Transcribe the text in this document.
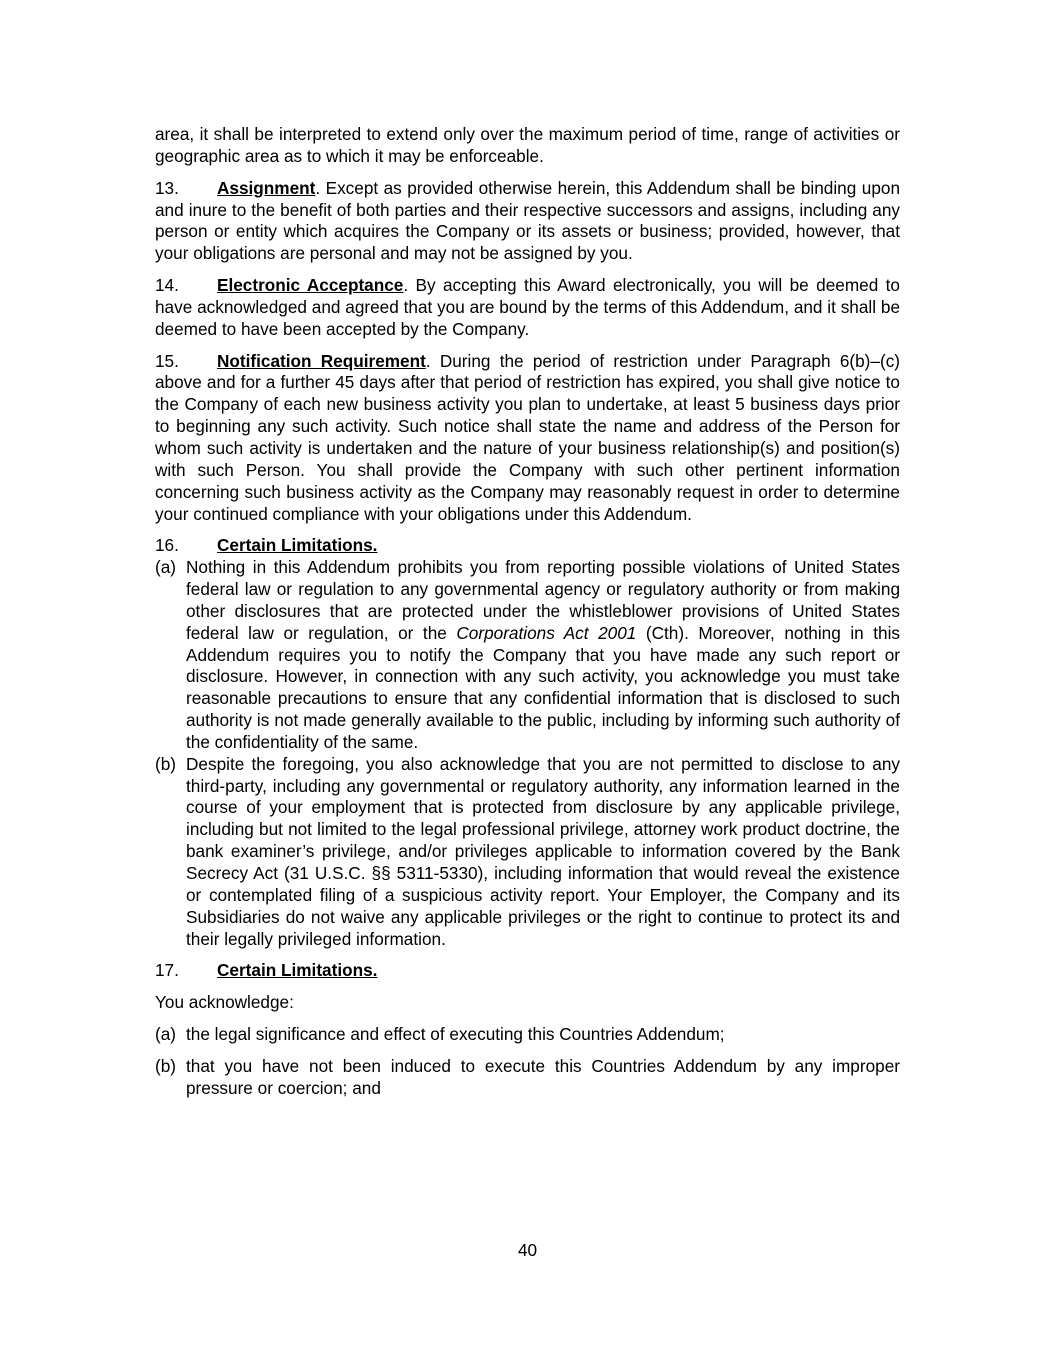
area, it shall be interpreted to extend only over the maximum period of time, range of activities or geographic area as to which it may be enforceable.

13. Assignment. Except as provided otherwise herein, this Addendum shall be binding upon and inure to the benefit of both parties and their respective successors and assigns, including any person or entity which acquires the Company or its assets or business; provided, however, that your obligations are personal and may not be assigned by you.

14. Electronic Acceptance. By accepting this Award electronically, you will be deemed to have acknowledged and agreed that you are bound by the terms of this Addendum, and it shall be deemed to have been accepted by the Company.

15. Notification Requirement. During the period of restriction under Paragraph 6(b)–(c) above and for a further 45 days after that period of restriction has expired, you shall give notice to the Company of each new business activity you plan to undertake, at least 5 business days prior to beginning any such activity. Such notice shall state the name and address of the Person for whom such activity is undertaken and the nature of your business relationship(s) and position(s) with such Person. You shall provide the Company with such other pertinent information concerning such business activity as the Company may reasonably request in order to determine your continued compliance with your obligations under this Addendum.

16. Certain Limitations.

(a) Nothing in this Addendum prohibits you from reporting possible violations of United States federal law or regulation to any governmental agency or regulatory authority or from making other disclosures that are protected under the whistleblower provisions of United States federal law or regulation, or the Corporations Act 2001 (Cth). Moreover, nothing in this Addendum requires you to notify the Company that you have made any such report or disclosure. However, in connection with any such activity, you acknowledge you must take reasonable precautions to ensure that any confidential information that is disclosed to such authority is not made generally available to the public, including by informing such authority of the confidentiality of the same.
(b) Despite the foregoing, you also acknowledge that you are not permitted to disclose to any third-party, including any governmental or regulatory authority, any information learned in the course of your employment that is protected from disclosure by any applicable privilege, including but not limited to the legal professional privilege, attorney work product doctrine, the bank examiner’s privilege, and/or privileges applicable to information covered by the Bank Secrecy Act (31 U.S.C. §§ 5311-5330), including information that would reveal the existence or contemplated filing of a suspicious activity report. Your Employer, the Company and its Subsidiaries do not waive any applicable privileges or the right to continue to protect its and their legally privileged information.

17. Certain Limitations.

You acknowledge:

(a) the legal significance and effect of executing this Countries Addendum;
(b) that you have not been induced to execute this Countries Addendum by any improper pressure or coercion; and
40
